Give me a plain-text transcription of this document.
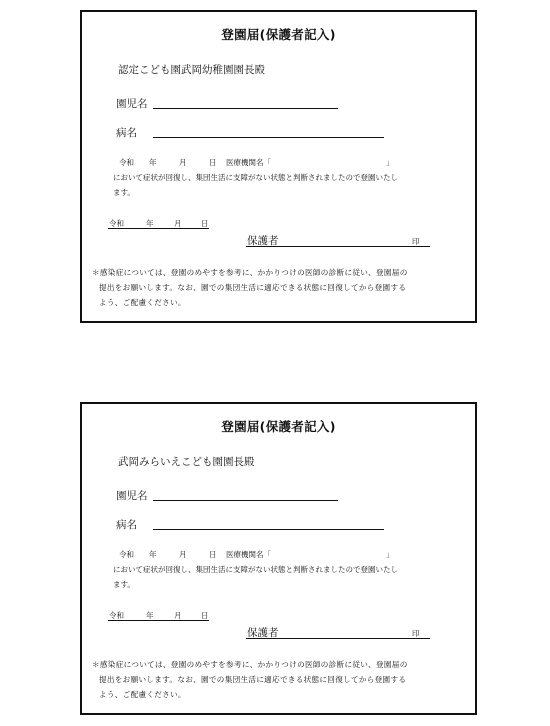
登園届(保護者記入)
認定こども園武岡幼稚園園長殿
園児名
病名
令和 年	月	日 医療機関名「	」
において症状が回復し、集団生活に支障がない状態と判断されましたので登園いたし
ます。
令和	年	月	日
保護者	印
＊感染症については、登園のめやすを参考に、かかりつけの医師の診断に従い、登園届の
提出をお願いします。なお、園での集団生活に適応できる状態に回復してから登園する
よう、ご配慮ください。
登園届(保護者記入)
武岡みらいえこども園園長殿
園児名
病名
令和 年	月	日 医療機関名「	」
において症状が回復し、集団生活に支障がない状態と判断されましたので登園いたし
ます。
令和	年	月	日
保護者	印
＊感染症については、登園のめやすを参考に、かかりつけの医師の診断に従い、登園届の
提出をお願いします。なお、園での集団生活に適応できる状態に回復してから登園する
よう、ご配慮ください。
